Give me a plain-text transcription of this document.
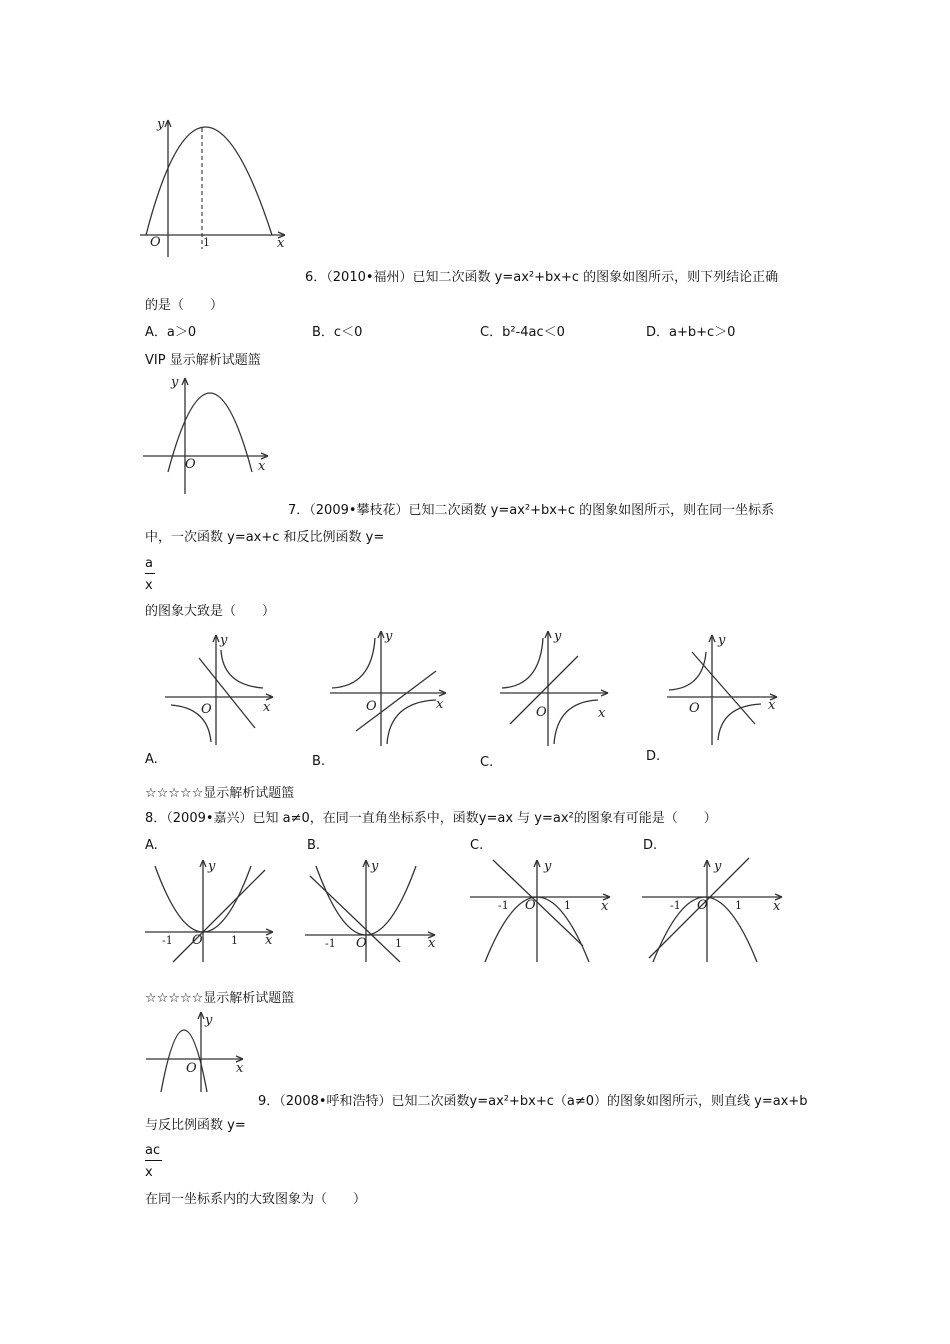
y
x
O	1
6．（2010•福州）已知二次函数 y=ax²+bx+c 的图象如图所示，则下列结论正确
的是（　　）
A．a＞0	B．c＜0	C．b²-4ac＜0	D．a+b+c＞0
VIP 显示解析试题篮
y
x
O
7．（2009•攀枝花）已知二次函数 y=ax²+bx+c 的图象如图所示，则在同一坐标系
中，一次函数 y=ax+c 和反比例函数 y=
$\frac{a}{x}$
的图象大致是（　　）
y
x
O
y
x
O
y
x
O
y
x
O
A.	B.	C.	D.
☆☆☆☆☆显示解析试题篮
8．（2009•嘉兴）已知 a≠0，在同一直角坐标系中，函数y=ax 与 y=ax²的图象有可能是（　　）
A.	B.	C.	D.
y
x
O
-1	1
y
x
O
-1	1
y
x
O
-1	1
y
x
O
-1	1
☆☆☆☆☆显示解析试题篮
y
x
O
9．（2008•呼和浩特）已知二次函数y=ax²+bx+c（a≠0）的图象如图所示，则直线 y=ax+b
与反比例函数 y=
$\frac{ac}{x}$
在同一坐标系内的大致图象为（　　）
